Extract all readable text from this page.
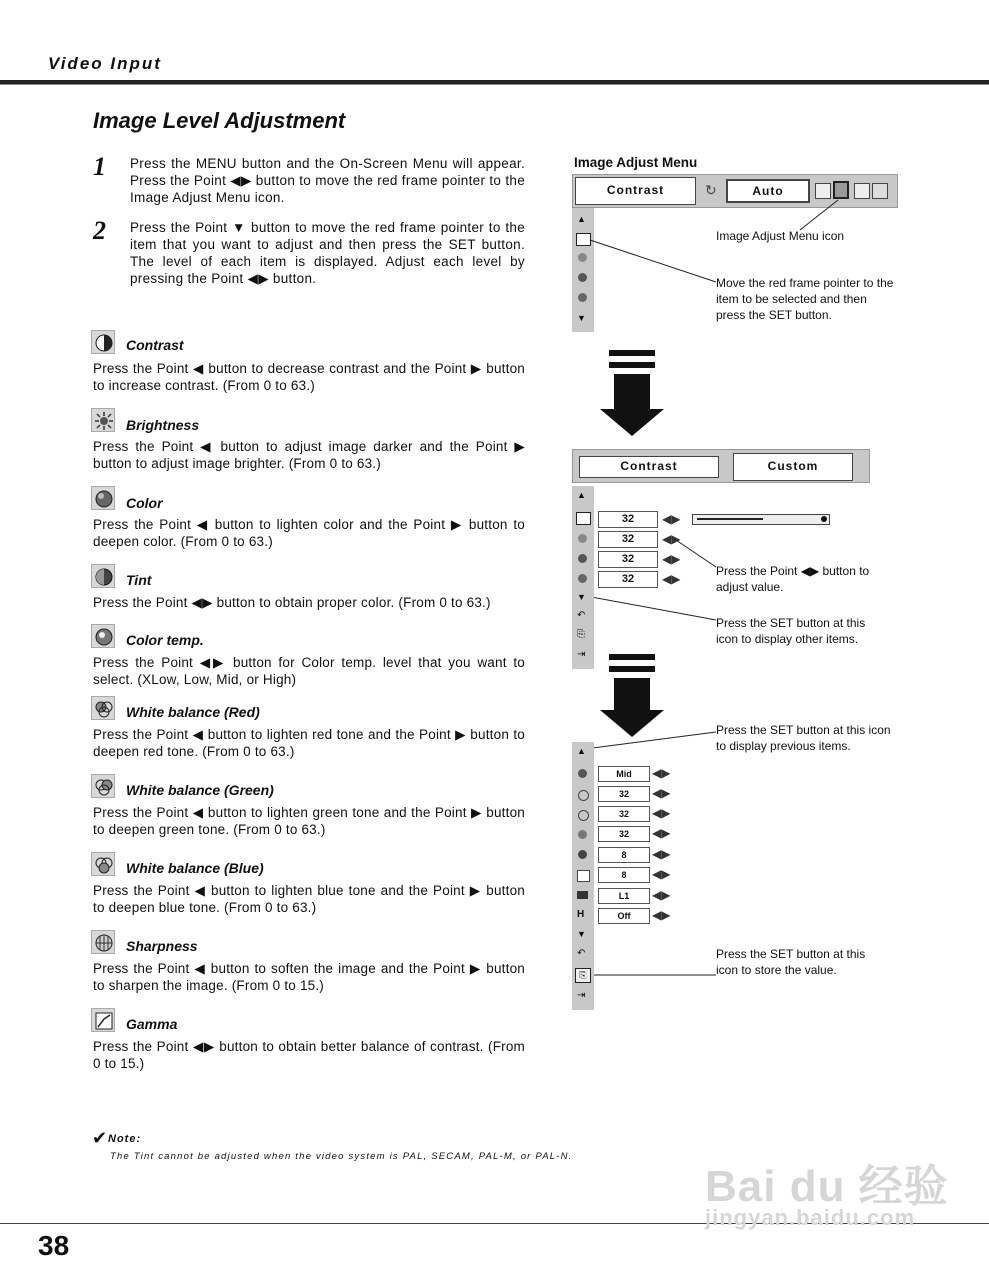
Video Input
Image Level Adjustment
1 Press the MENU button and the On-Screen Menu will appear. Press the Point ◀▶ button to move the red frame pointer to the Image Adjust Menu icon.
2 Press the Point ▼ button to move the red frame pointer to the item that you want to adjust and then press the SET button. The level of each item is displayed. Adjust each level by pressing the Point ◀▶ button.
Contrast
Press the Point ◀ button to decrease contrast and the Point ▶ button to increase contrast. (From 0 to 63.)
Brightness
Press the Point ◀ button to adjust image darker and the Point ▶ button to adjust image brighter. (From 0 to 63.)
Color
Press the Point ◀ button to lighten color and the Point ▶ button to deepen color. (From 0 to 63.)
Tint
Press the Point ◀▶ button to obtain proper color. (From 0 to 63.)
Color temp.
Press the Point ◀▶ button for Color temp. level that you want to select. (XLow, Low, Mid, or High)
White balance (Red)
Press the Point ◀ button to lighten red tone and the Point ▶ button to deepen red tone. (From 0 to 63.)
White balance (Green)
Press the Point ◀ button to lighten green tone and the Point ▶ button to deepen green tone. (From 0 to 63.)
White balance (Blue)
Press the Point ◀ button to lighten blue tone and the Point ▶ button to deepen blue tone. (From 0 to 63.)
Sharpness
Press the Point ◀ button to soften the image and the Point ▶ button to sharpen the image. (From 0 to 15.)
Gamma
Press the Point ◀▶ button to obtain better balance of contrast. (From 0 to 15.)
✔ Note:
The Tint cannot be adjusted when the video system is PAL, SECAM, PAL-M, or PAL-N.
38
Bai du 经验
jingyan.baidu.com
Image Adjust Menu
Contrast	↻	Auto
▲
▼
Image Adjust Menu icon
Move the red frame pointer to the item to be selected and then press the SET button.
Contrast	Custom
▲
▼
↶
⎘
⇥
32	◀▶
32	◀▶
32	◀▶
32	◀▶
Press the Point ◀▶ button to adjust value.
Press the SET button at this icon to display other items.
Press the SET button at this icon to display previous items.
▲
H
▼
↶
⎘
⇥
Mid	◀▶
32	◀▶
32	◀▶
32	◀▶
8	◀▶
8	◀▶
L1	◀▶
Off	◀▶
Press the SET button at this icon to store the value.
